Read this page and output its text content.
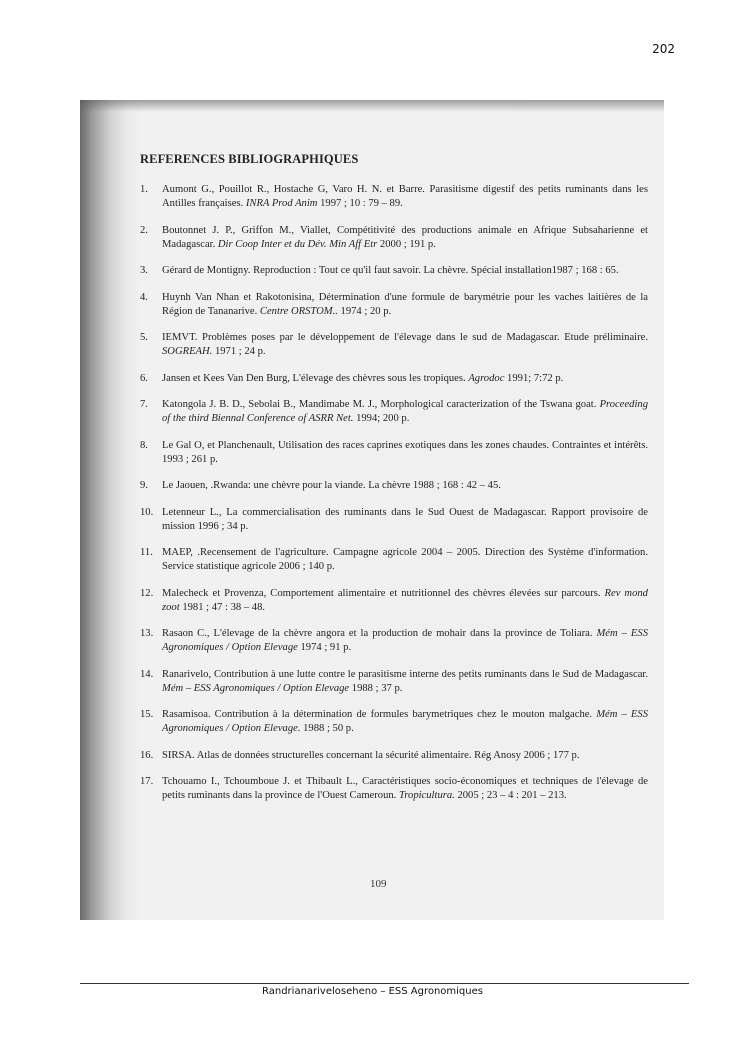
202
REFERENCES BIBLIOGRAPHIQUES
1.	Aumont G., Pouillot R., Hostache G, Varo H. N. et Barre. Parasitisme digestif des petits ruminants dans les Antilles françaises. INRA Prod Anim 1997 ; 10 : 79 – 89.
2.	Boutonnet J. P., Griffon M., Viallet, Compétitivité des productions animale en Afrique Subsaharienne et Madagascar. Dir Coop Inter et du Dév. Min Aff Etr 2000 ; 191 p.
3.	Gérard de Montigny. Reproduction : Tout ce qu'il faut savoir. La chèvre. Spécial installation1987 ; 168 : 65.
4.	Huynh Van Nhan et Rakotonisina, Détermination d'une formule de barymétrie pour les vaches laitières de la Région de Tananarive. Centre ORSTOM.. 1974 ; 20 p.
5.	IEMVT. Problèmes poses par le développement de l'élevage dans le sud de Madagascar. Etude préliminaire. SOGREAH. 1971 ; 24 p.
6.	Jansen et Kees Van Den Burg, L'élevage des chèvres sous les tropiques. Agrodoc 1991; 7:72 p.
7.	Katongola J. B. D., Sebolai B., Mandimabe M. J., Morphological caracterization of the Tswana goat. Proceeding of the third Biennal Conference of ASRR Net. 1994; 200 p.
8.	Le Gal O, et Planchenault, Utilisation des races caprines exotiques dans les zones chaudes. Contraintes et intérêts. 1993 ; 261 p.
9.	Le Jaouen, .Rwanda: une chèvre pour la viande. La chèvre 1988 ; 168 : 42 – 45.
10. Letenneur L., La commercialisation des ruminants dans le Sud Ouest de Madagascar. Rapport provisoire de mission 1996 ; 34 p.
11. MAEP, .Recensement de l'agriculture. Campagne agricole 2004 – 2005. Direction des Système d'information. Service statistique agricole 2006 ; 140 p.
12. Malecheck et Provenza, Comportement alimentaire et nutritionnel des chèvres élevées sur parcours. Rev mond zoot 1981 ; 47 : 38 – 48.
13. Rasaon C., L'élevage de la chèvre angora et la production de mohair dans la province de Toliara. Mém – ESS Agronomiques / Option Elevage 1974 ; 91 p.
14. Ranarivelo, Contribution à une lutte contre le parasitisme interne des petits ruminants dans le Sud de Madagascar. Mém – ESS Agronomiques / Option Elevage 1988 ; 37 p.
15. Rasamisoa. Contribution à la détermination de formules barymetriques chez le mouton malgache. Mém – ESS Agronomiques / Option Elevage. 1988 ; 50 p.
16. SIRSA. Atlas de données structurelles concernant la sécurité alimentaire. Rég Anosy 2006 ; 177 p.
17. Tchouamo I., Tchoumboue J. et Thibault L., Caractéristiques socio-économiques et techniques de l'élevage de petits ruminants dans la province de l'Ouest Cameroun. Tropicultura. 2005 ; 23 – 4 : 201 – 213.
109
Randrianariveloseheno – ESS Agronomiques
